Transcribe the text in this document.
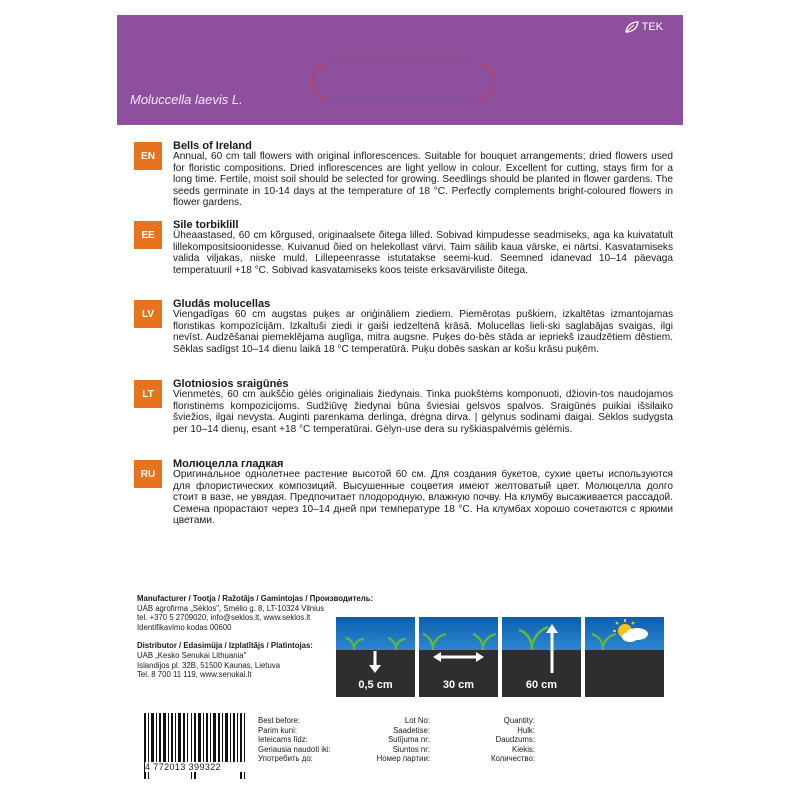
TEK
Moluccella laevis L.
EN
Bells of Ireland
Annual, 60 cm tall flowers with original inflorescences. Suitable for bouquet arrangements; dried flowers used for floristic compositions. Dried inflorescences are light yellow in colour. Excellent for cutting, stays firm for a long time. Fertile, moist soil should be selected for growing. Seedlings should be planted in flower gardens. The seeds germinate in 10-14 days at the temperature of 18 °C. Perfectly complements bright-coloured flowers in flower gardens.
EE
Sile torbiklill
Üheaastased, 60 cm kõrgused, originaalsete õitega lilled. Sobivad kimpudesse seadmiseks, aga ka kuivatatult lillekompositsioonidesse. Kuivanud õied on helekollast värvi. Taim säilib kaua värske, ei närtsi. Kasvatamiseks valida viljakas, niiske muld. Lillepeenrasse istutatakse seemi-kud. Seemned idanevad 10–14 päevaga temperatuuril +18 °C. Sobivad kasvatamiseks koos teiste erksavärviliste õitega.
LV
Gludās molucellas
Viengadīgas 60 cm augstas puķes ar oriģināliem ziediem. Piemērotas puškiem, izkaltētas izmantojamas floristikas kompozīcijām. Izkaltuši ziedi ir gaiši iedzeltenā krāsā. Molucellas lieli-ski saglabājas svaigas, ilgi nevīst. Audzēšanai piemeklējama auglīga, mitra augsne. Puķes do-bēs stāda ar iepriekš izaudzētiem dēstiem. Sēklas sadīgst 10–14 dienu laikā 18 °C temperatūrā. Puķu dobēs saskan ar košu krāsu puķēm.
LT
Glotniosios sraigūnės
Vienmetės, 60 cm aukščio gėlės originaliais žiedynais. Tinka puokštėms komponuoti, džiovin-tos naudojamos floristinėms kompozicijoms. Sudžiūvę žiedynai būna šviesiai gelsvos spalvos. Sraigūnės puikiai išsilaiko šviežios, ilgai nevysta. Auginti parenkama derlinga, drėgna dirva. | gėlynus sodinami daigai. Sėklos sudygsta per 10–14 dienų, esant +18 °C temperatūrai. Gėlyn-use dera su ryškiaspalvėmis gėlėmis.
RU
Молюцелла гладкая
Оригинальное однолетнее растение высотой 60 см. Для создания букетов, сухие цветы используются для флористических композиций. Высушенные соцветия имеют желтоватый цвет. Молюцелла долго стоит в вазе, не увядая. Предпочитает плодородную, влажную почву. На клумбу высаживается рассадой. Семена прорастают через 10–14 дней при температуре 18 °C. На клумбах хорошо сочетаются с яркими цветами.
Manufacturer / Tootja / Ražotājs / Gamintojas / Производитель:
UAB agrofirma „Sėklos", Smėlio g. 8, LT-10324 Vilnius
tel. +370 5 2709020, info@seklos.lt, www.seklos.lt
Identifikavimo kodas 00600
Distributor / Edasimüja / Izplatītājs / Platintojas:
UAB „Kesko Senukai Lithuania"
Islandijos pl. 32B, 51500 Kaunas, Lietuva
Tel. 8 700 11 119, www.senukai.lt
0,5 cm	30 cm	60 cm
4 772013 399322
Best before:
Parim kuni:
Ieteicams līdz:
Geriausia naudoti iki:
Употребить до:
Lot No:
Saadetise:
Sutījuma nr:
Siuntos nr:
Номер партии:
Quantity:
Hulk:
Daudzums:
Kiekis:
Количество:
